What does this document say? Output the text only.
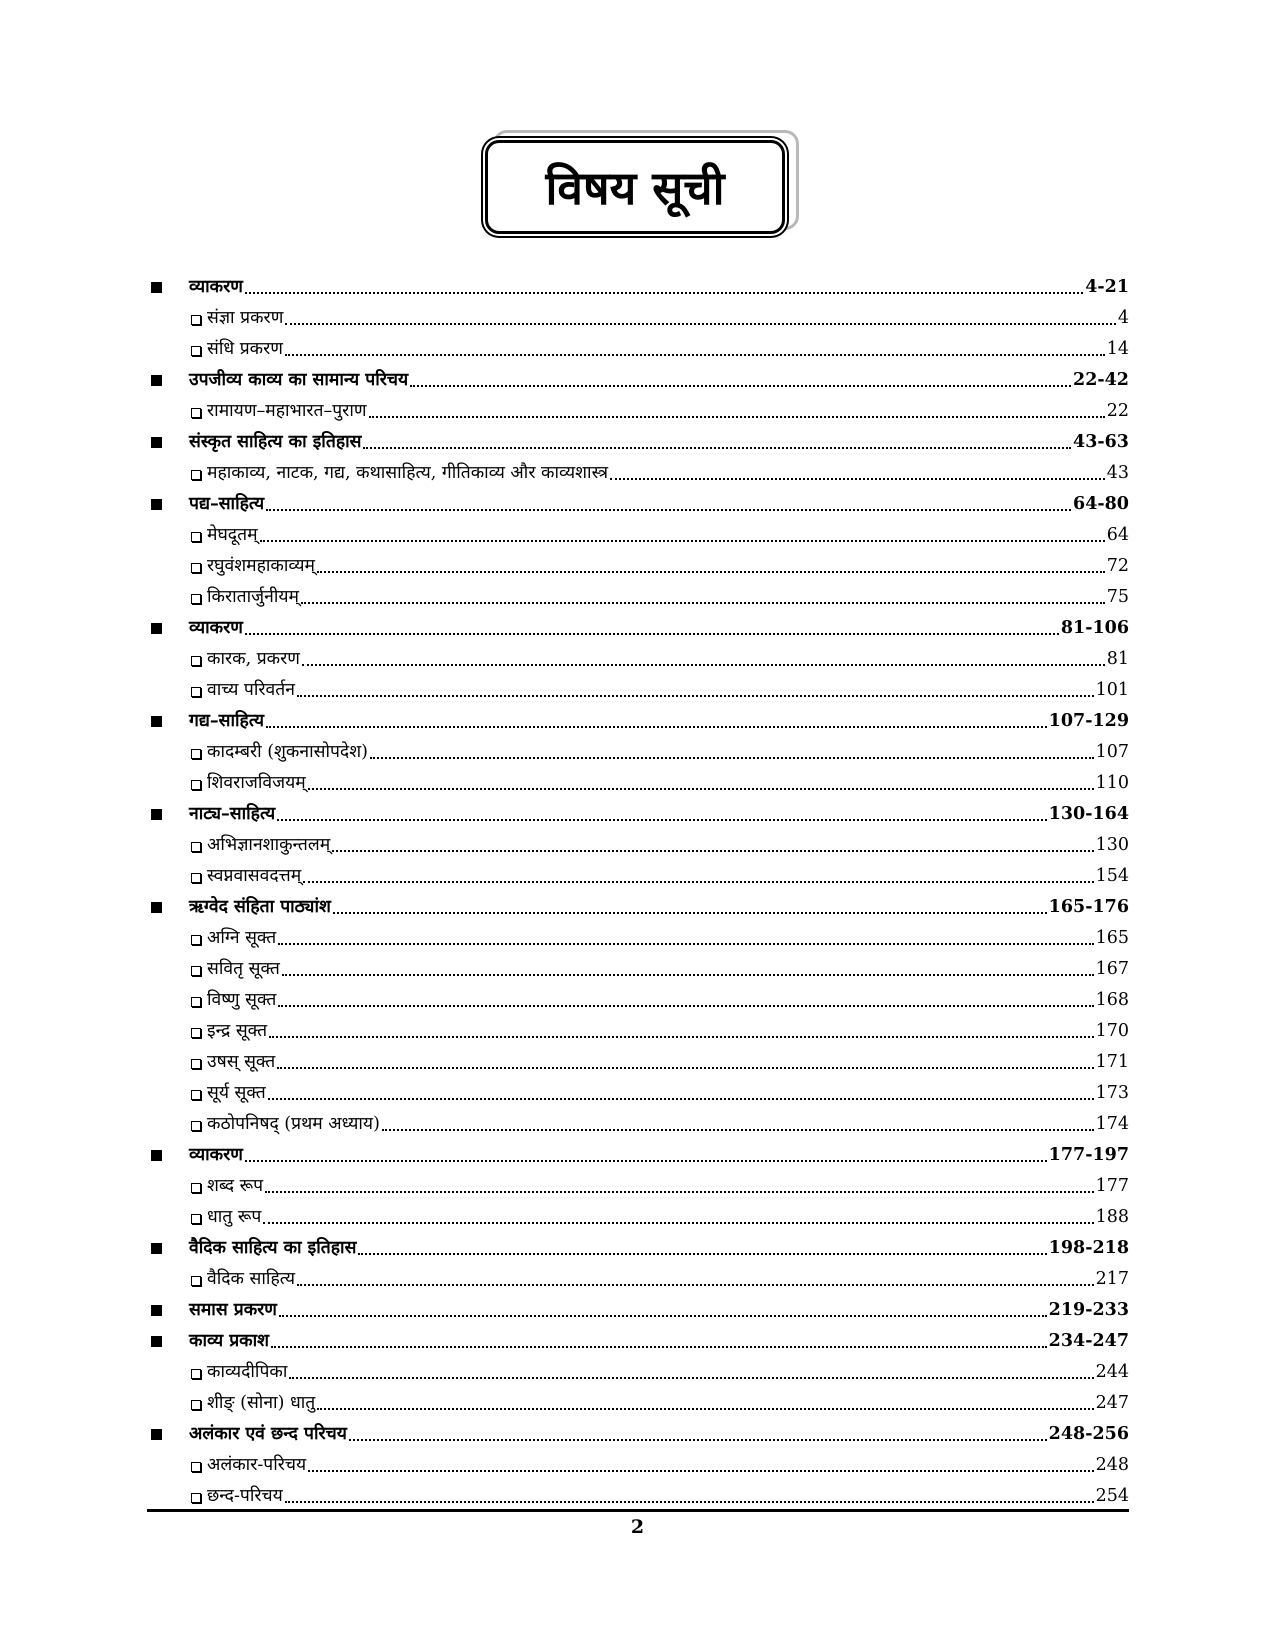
विषय सूची
व्याकरण	4-21
संज्ञा प्रकरण	4
संधि प्रकरण	14
उपजीव्य काव्य का सामान्य परिचय	22-42
रामायण–महाभारत–पुराण	22
संस्कृत साहित्य का इतिहास	43-63
महाकाव्य, नाटक, गद्य, कथासाहित्य, गीतिकाव्य और काव्यशास्त्र	43
पद्य–साहित्य	64-80
मेघदूतम्	64
रघुवंशमहाकाव्यम्	72
किरातार्जुनीयम्	75
व्याकरण	81-106
कारक, प्रकरण	81
वाच्य परिवर्तन	101
गद्य–साहित्य	107-129
कादम्बरी (शुकनासोपदेश)	107
शिवराजविजयम्	110
नाट्य–साहित्य	130-164
अभिज्ञानशाकुन्तलम्	130
स्वप्नवासवदत्तम्	154
ऋग्वेद संहिता पाठ्यांश	165-176
अग्नि सूक्त	165
सवितृ सूक्त	167
विष्णु सूक्त	168
इन्द्र सूक्त	170
उषस् सूक्त	171
सूर्य सूक्त	173
कठोपनिषद् (प्रथम अध्याय)	174
व्याकरण	177-197
शब्द रूप	177
धातु रूप	188
वैदिक साहित्य का इतिहास	198-218
वैदिक साहित्य	217
समास प्रकरण	219-233
काव्य प्रकाश	234-247
काव्यदीपिका	244
शीङ् (सोना) धातु	247
अलंकार एवं छन्द परिचय	248-256
अलंकार-परिचय	248
छन्द-परिचय	254
2
